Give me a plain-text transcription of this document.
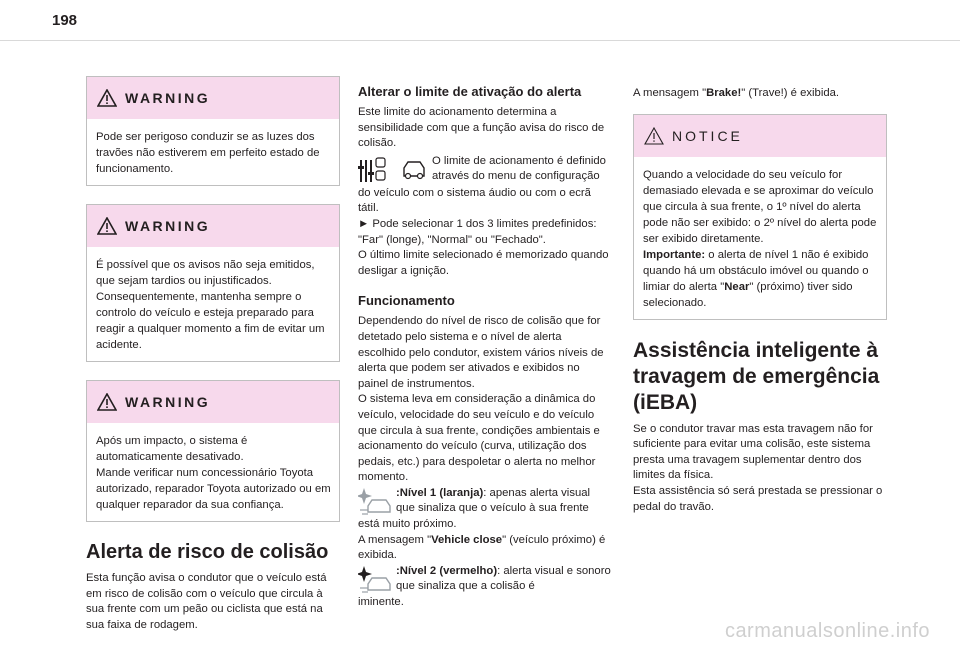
198
WARNING

Pode ser perigoso conduzir se as luzes dos travões não estiverem em perfeito estado de funcionamento.

WARNING

É possível que os avisos não seja emitidos, que sejam tardios ou injustificados. Consequentemente, mantenha sempre o controlo do veículo e esteja preparado para reagir a qualquer momento a fim de evitar um acidente.

WARNING

Após um impacto, o sistema é automaticamente desativado.

Mande verificar num concessionário Toyota autorizado, reparador Toyota autorizado ou em qualquer reparador da sua confiança.

Alerta de risco de colisão

Esta função avisa o condutor que o veículo está em risco de colisão com o veículo que circula à sua frente com um peão ou ciclista que está na sua faixa de rodagem.

Alterar o limite de ativação do alerta

Este limite do acionamento determina a sensibilidade com que a função avisa do risco de colisão.

O limite de acionamento é definido através do menu de configuração

do veículo com o sistema áudio ou com o ecrã tátil.

► Pode selecionar 1 dos 3 limites predefinidos: "Far" (longe), "Normal" ou "Fechado".

O último limite selecionado é memorizado quando desligar a ignição.

Funcionamento

Dependendo do nível de risco de colisão que for detetado pelo sistema e o nível de alerta escolhido pelo condutor, existem vários níveis de alerta que podem ser ativados e exibidos no painel de instrumentos.

O sistema leva em consideração a dinâmica do veículo, velocidade do seu veículo e do veículo que circula à sua frente, condições ambientais e acionamento do veículo (curva, utilização dos pedais, etc.) para despoletar o alerta no melhor momento.

:Nível 1 (laranja): apenas alerta visual que sinaliza que o veículo à sua frente

está muito próximo.

A mensagem "Vehicle close" (veículo próximo) é exibida.

:Nível 2 (vermelho): alerta visual e sonoro que sinaliza que a colisão é

iminente.

A mensagem "Brake!" (Trave!) é exibida.

NOTICE

Quando a velocidade do seu veículo for demasiado elevada e se aproximar do veículo que circula à sua frente, o 1º nível do alerta pode não ser exibido: o 2º nível do alerta pode ser exibido diretamente.

Importante: o alerta de nível 1 não é exibido quando há um obstáculo imóvel ou quando o limiar do alerta "Near" (próximo) tiver sido selecionado.

Assistência inteligente à travagem de emergência (iEBA)

Se o condutor travar mas esta travagem não for suficiente para evitar uma colisão, este sistema presta uma travagem suplementar dentro dos limites da física.

Esta assistência só será prestada se pressionar o pedal do travão.

carmanualsonline.info
